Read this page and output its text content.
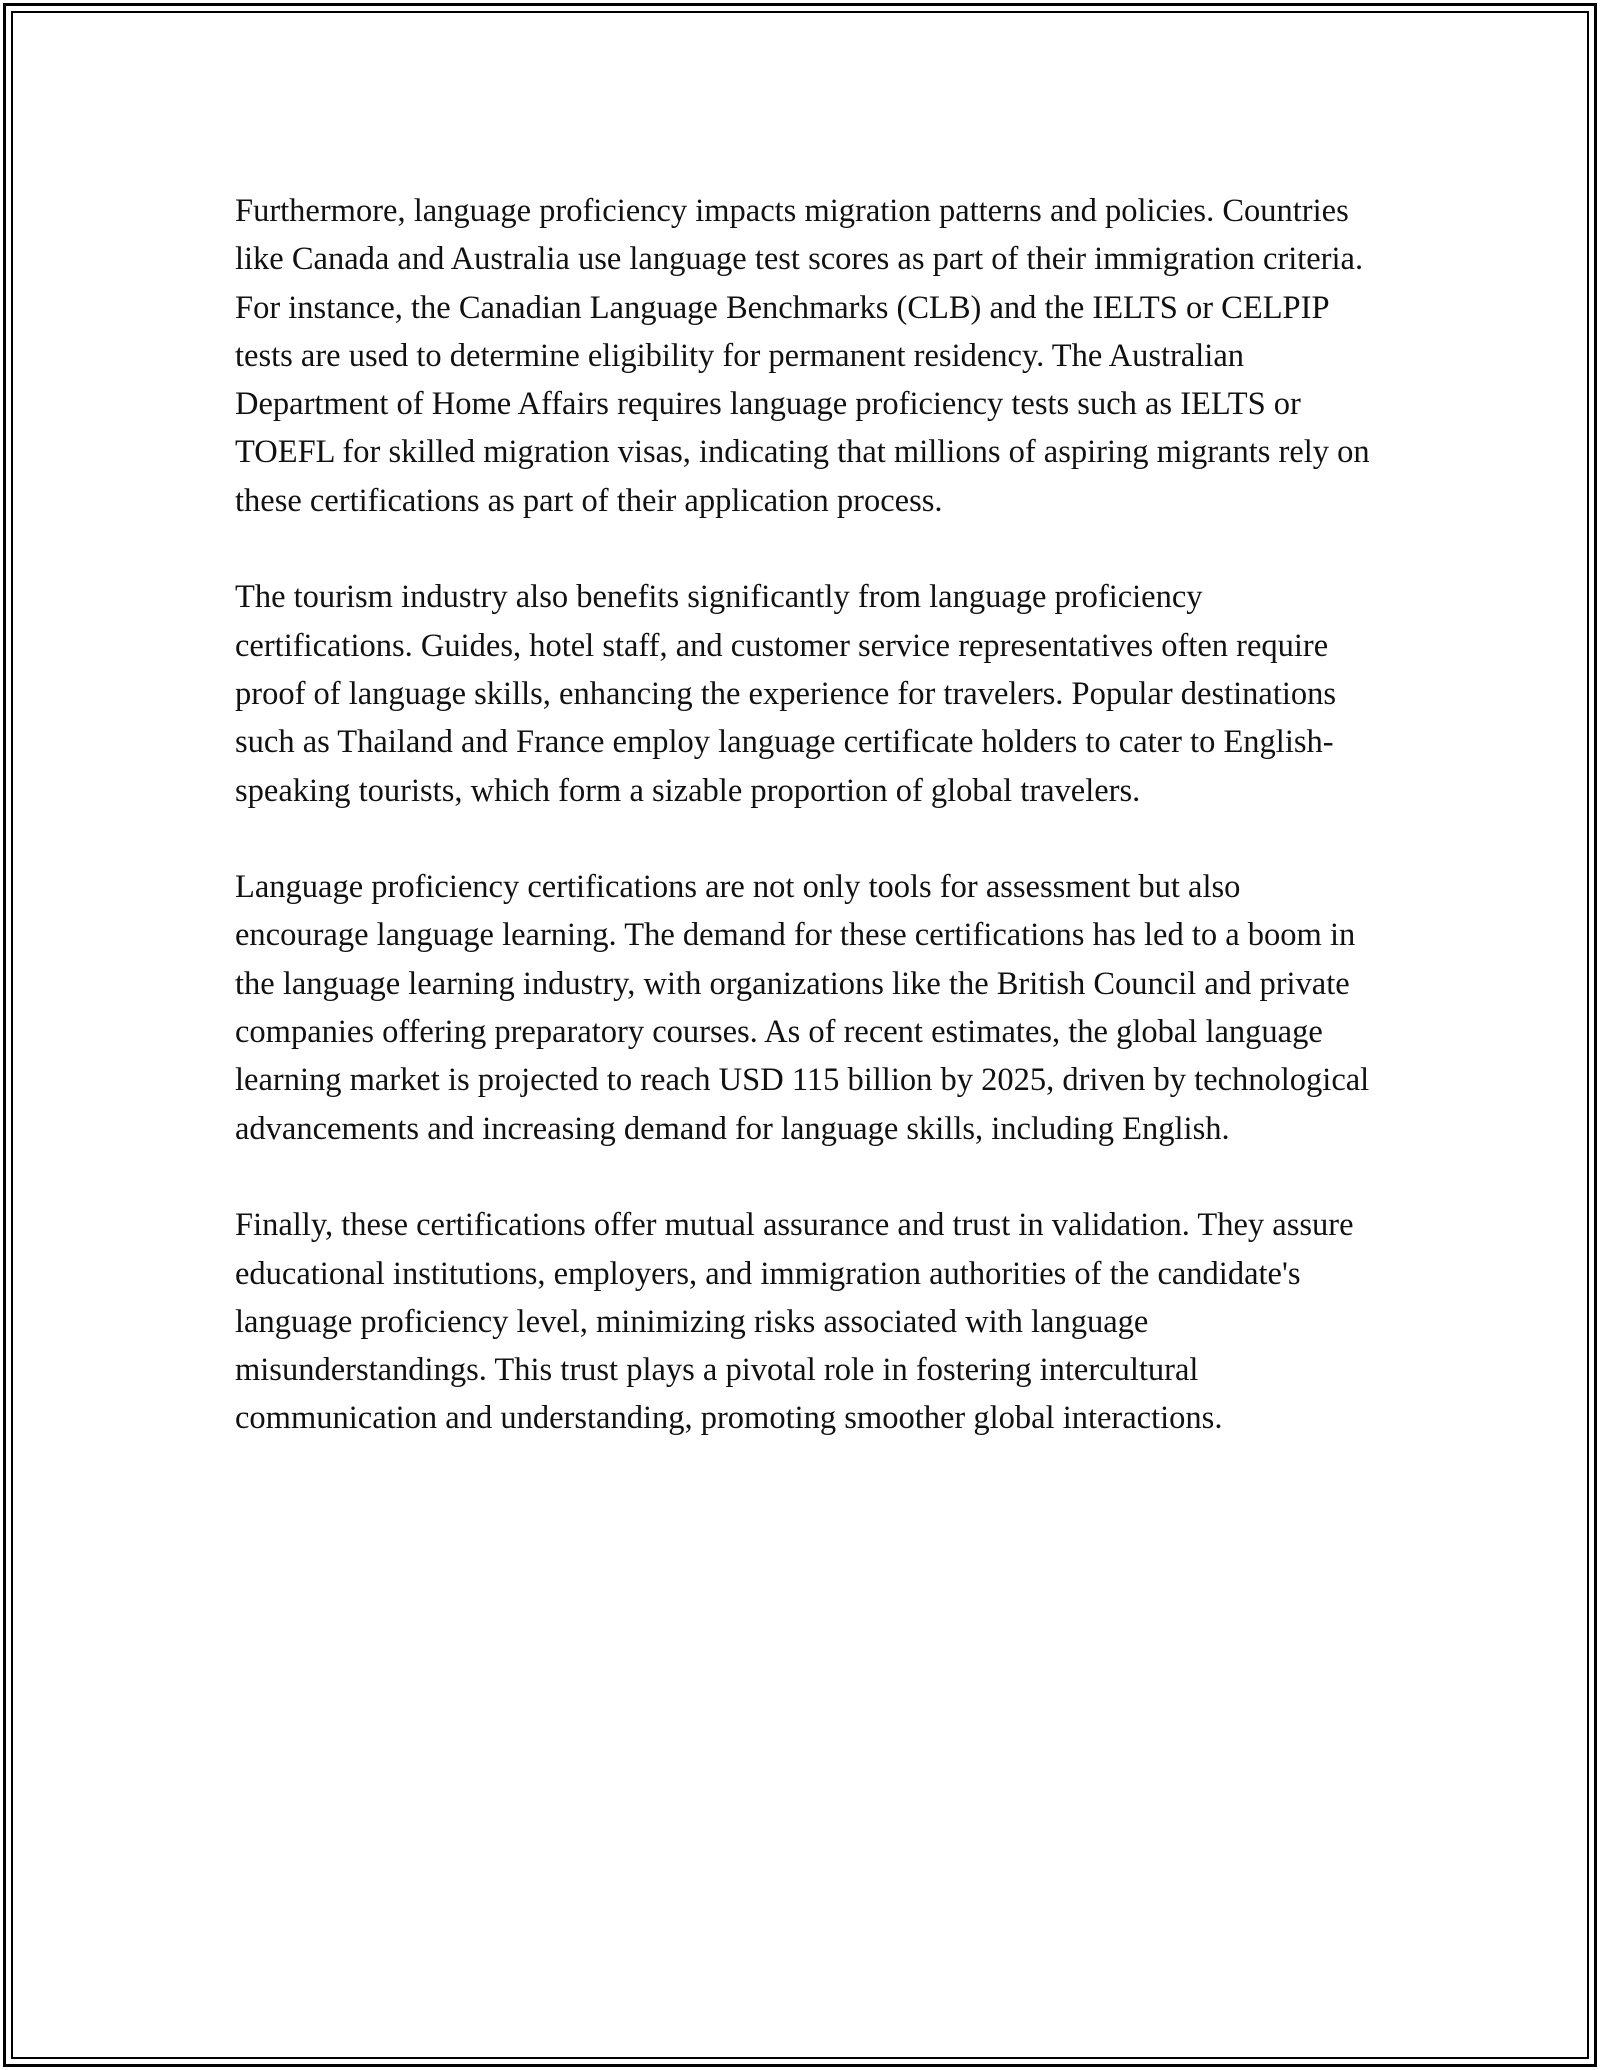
Furthermore, language proficiency impacts migration patterns and policies. Countries like Canada and Australia use language test scores as part of their immigration criteria. For instance, the Canadian Language Benchmarks (CLB) and the IELTS or CELPIP tests are used to determine eligibility for permanent residency. The Australian Department of Home Affairs requires language proficiency tests such as IELTS or TOEFL for skilled migration visas, indicating that millions of aspiring migrants rely on these certifications as part of their application process.

The tourism industry also benefits significantly from language proficiency certifications. Guides, hotel staff, and customer service representatives often require proof of language skills, enhancing the experience for travelers. Popular destinations such as Thailand and France employ language certificate holders to cater to English-speaking tourists, which form a sizable proportion of global travelers.

Language proficiency certifications are not only tools for assessment but also encourage language learning. The demand for these certifications has led to a boom in the language learning industry, with organizations like the British Council and private companies offering preparatory courses. As of recent estimates, the global language learning market is projected to reach USD 115 billion by 2025, driven by technological advancements and increasing demand for language skills, including English.

Finally, these certifications offer mutual assurance and trust in validation. They assure educational institutions, employers, and immigration authorities of the candidate's language proficiency level, minimizing risks associated with language misunderstandings. This trust plays a pivotal role in fostering intercultural communication and understanding, promoting smoother global interactions.
